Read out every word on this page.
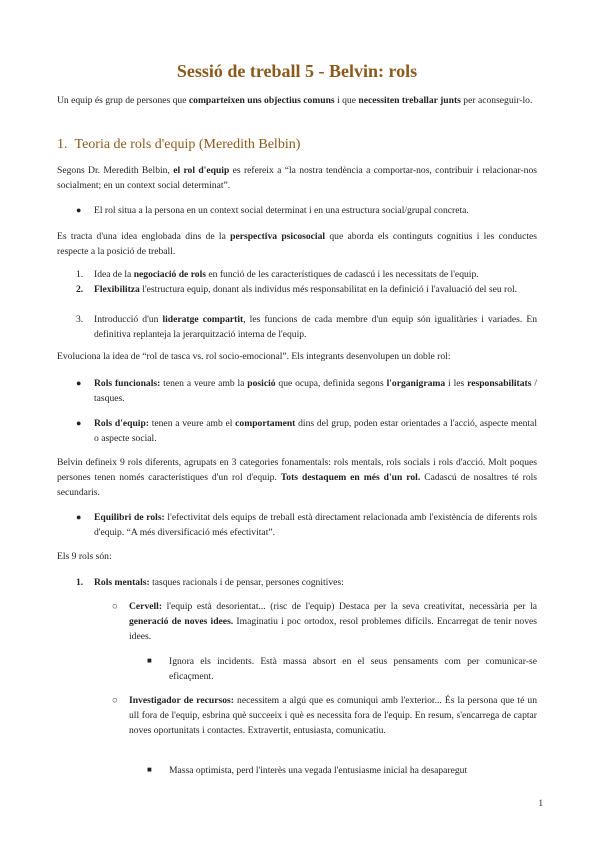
Sessió de treball 5 - Belvin: rols

Un equip és grup de persones que comparteixen uns objectius comuns i que necessiten treballar junts per aconseguir-lo.

1. Teoria de rols d'equip (Meredith Belbin)

Segons Dr. Meredith Belbin, el rol d'equip es refereix a “la nostra tendència a comportar-nos, contribuir i relacionar-nos socialment; en un context social determinat”.

●	El rol situa a la persona en un context social determinat i en una estructura social/grupal concreta.

Es tracta d'una idea englobada dins de la perspectiva psicosocial que aborda els continguts cognitius i les conductes respecte a la posició de treball.

1.	Idea de la negociació de rols en funció de les característiques de cadascú i les necessitats de l'equip.
2.	Flexibilitza l'estructura equip, donant als individus més responsabilitat en la definició i l'avaluació del seu rol.
3.	Introducció d'un lideratge compartit, les funcions de cada membre d'un equip són igualitàries i variades. En definitiva replanteja la jerarquització interna de l'equip.

Evoluciona la idea de “rol de tasca vs. rol socio-emocional”. Els integrants desenvolupen un doble rol:

●	Rols funcionals: tenen a veure amb la posició que ocupa, definida segons l'organigrama i les responsabilitats / tasques.
●	Rols d'equip: tenen a veure amb el comportament dins del grup, poden estar orientades a l'acció, aspecte mental o aspecte social.

Belvin defineix 9 rols diferents, agrupats en 3 categories fonamentals: rols mentals, rols socials i rols d'acció. Molt poques persones tenen només característiques d'un rol d'equip. Tots destaquem en més d'un rol. Cadascú de nosaltres té rols secundaris.

●	Equilibri de rols: l'efectivitat dels equips de treball està directament relacionada amb l'existència de diferents rols d'equip. “A més diversificació més efectivitat”.

Els 9 rols són:

1.	Rols mentals: tasques racionals i de pensar, persones cognitives:
○	Cervell: l'equip està desorientat... (risc de l'equip) Destaca per la seva creativitat, necessària per la generació de noves idees. Imaginatiu i poc ortodox, resol problemes difícils. Encarregat de tenir noves idees.
■	Ignora els incidents. Està massa absort en el seus pensaments com per comunicar-se eficaçment.
○	Investigador de recursos: necessitem a algú que es comuniqui amb l'exterior... És la persona que té un ull fora de l'equip, esbrina què succeeix i què es necessita fora de l'equip. En resum, s'encarrega de captar noves oportunitats i contactes. Extravertit, entusiasta, comunicatiu.
■	Massa optimista, perd l'interès una vegada l'entusiasme inicial ha desaparegut
1
